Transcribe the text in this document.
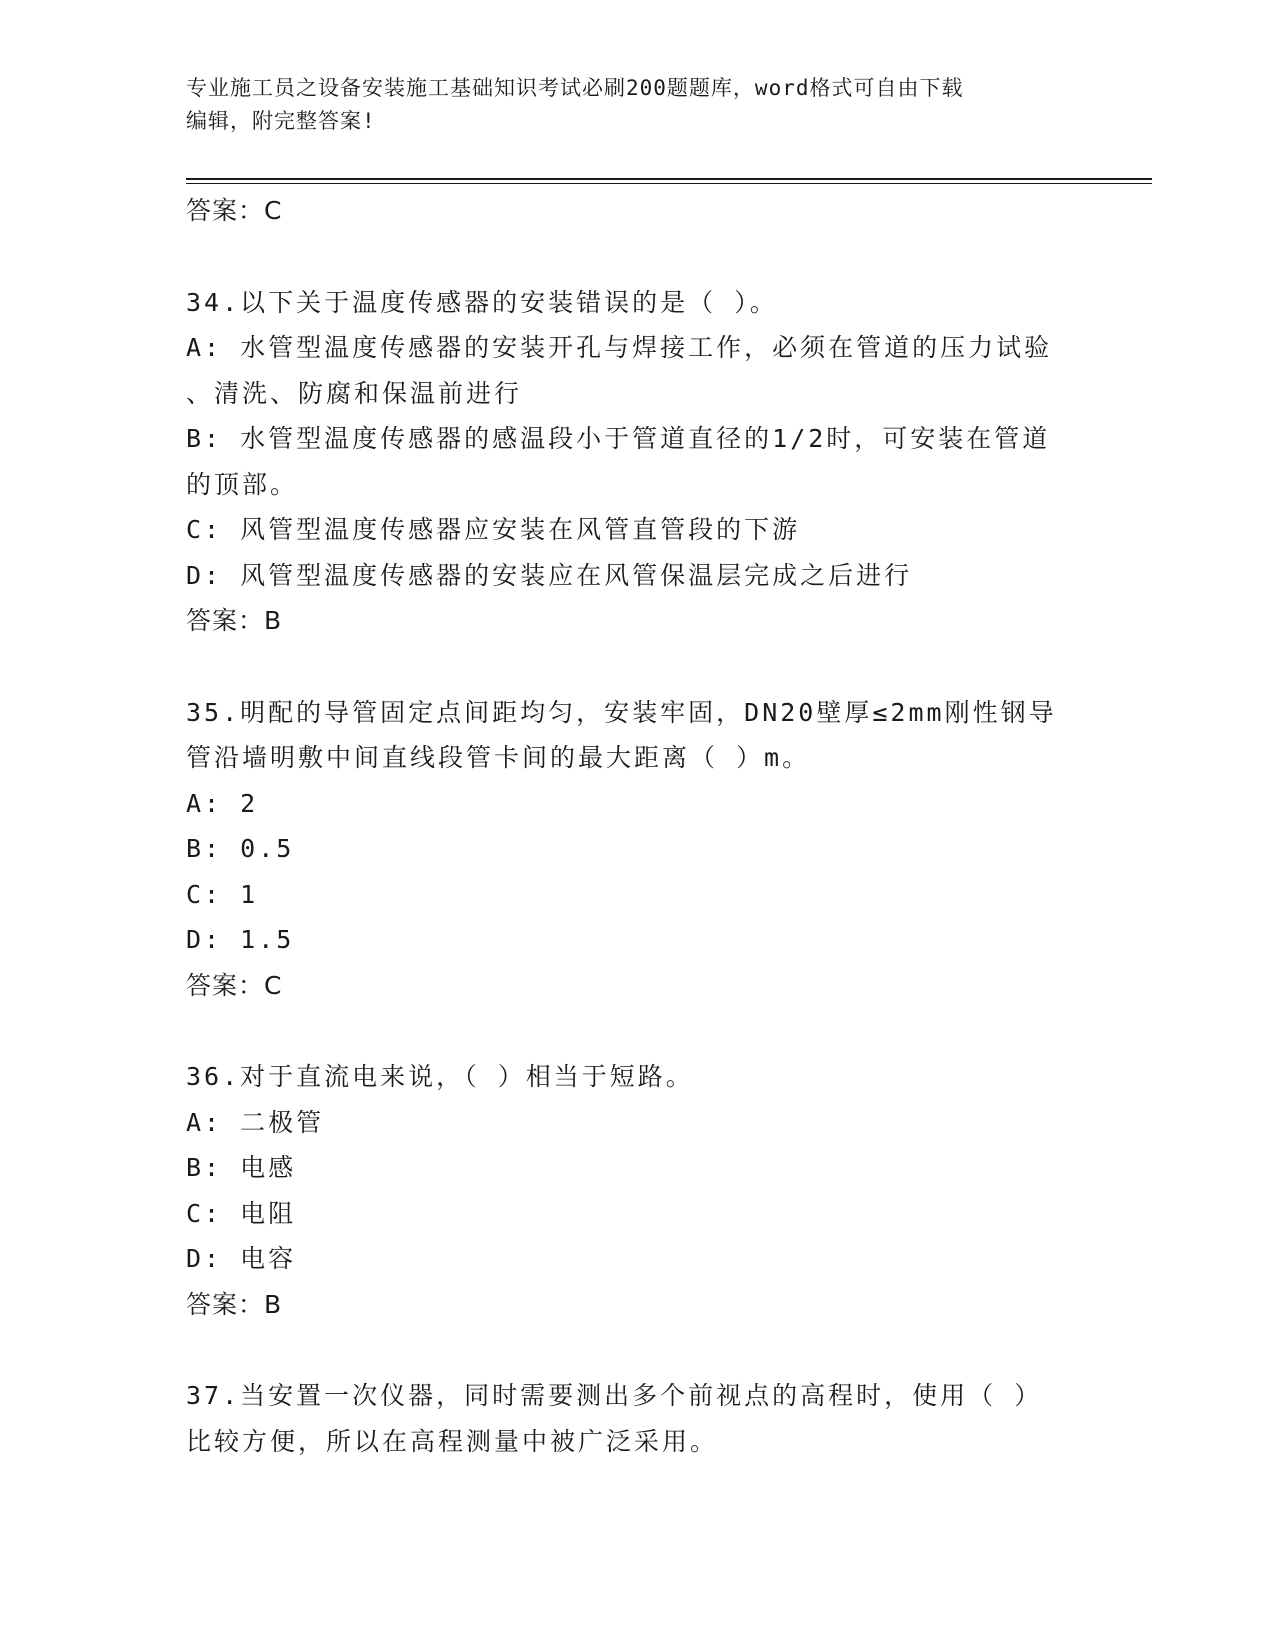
专业施工员之设备安装施工基础知识考试必刷200题题库，word格式可自由下载
编辑，附完整答案!
答案：C
34.以下关于温度传感器的安装错误的是（ ）。
A: 水管型温度传感器的安装开孔与焊接工作，必须在管道的压力试验
、清洗、防腐和保温前进行
B: 水管型温度传感器的感温段小于管道直径的1/2时，可安装在管道
的顶部。
C: 风管型温度传感器应安装在风管直管段的下游
D: 风管型温度传感器的安装应在风管保温层完成之后进行
答案：B
35.明配的导管固定点间距均匀，安装牢固，DN20壁厚≤2mm刚性钢导
管沿墙明敷中间直线段管卡间的最大距离（ ）m。
A: 2
B: 0.5
C: 1
D: 1.5
答案：C
36.对于直流电来说，（ ）相当于短路。
A: 二极管
B: 电感
C: 电阻
D: 电容
答案：B
37.当安置一次仪器，同时需要测出多个前视点的高程时，使用（ ）
比较方便，所以在高程测量中被广泛采用。
